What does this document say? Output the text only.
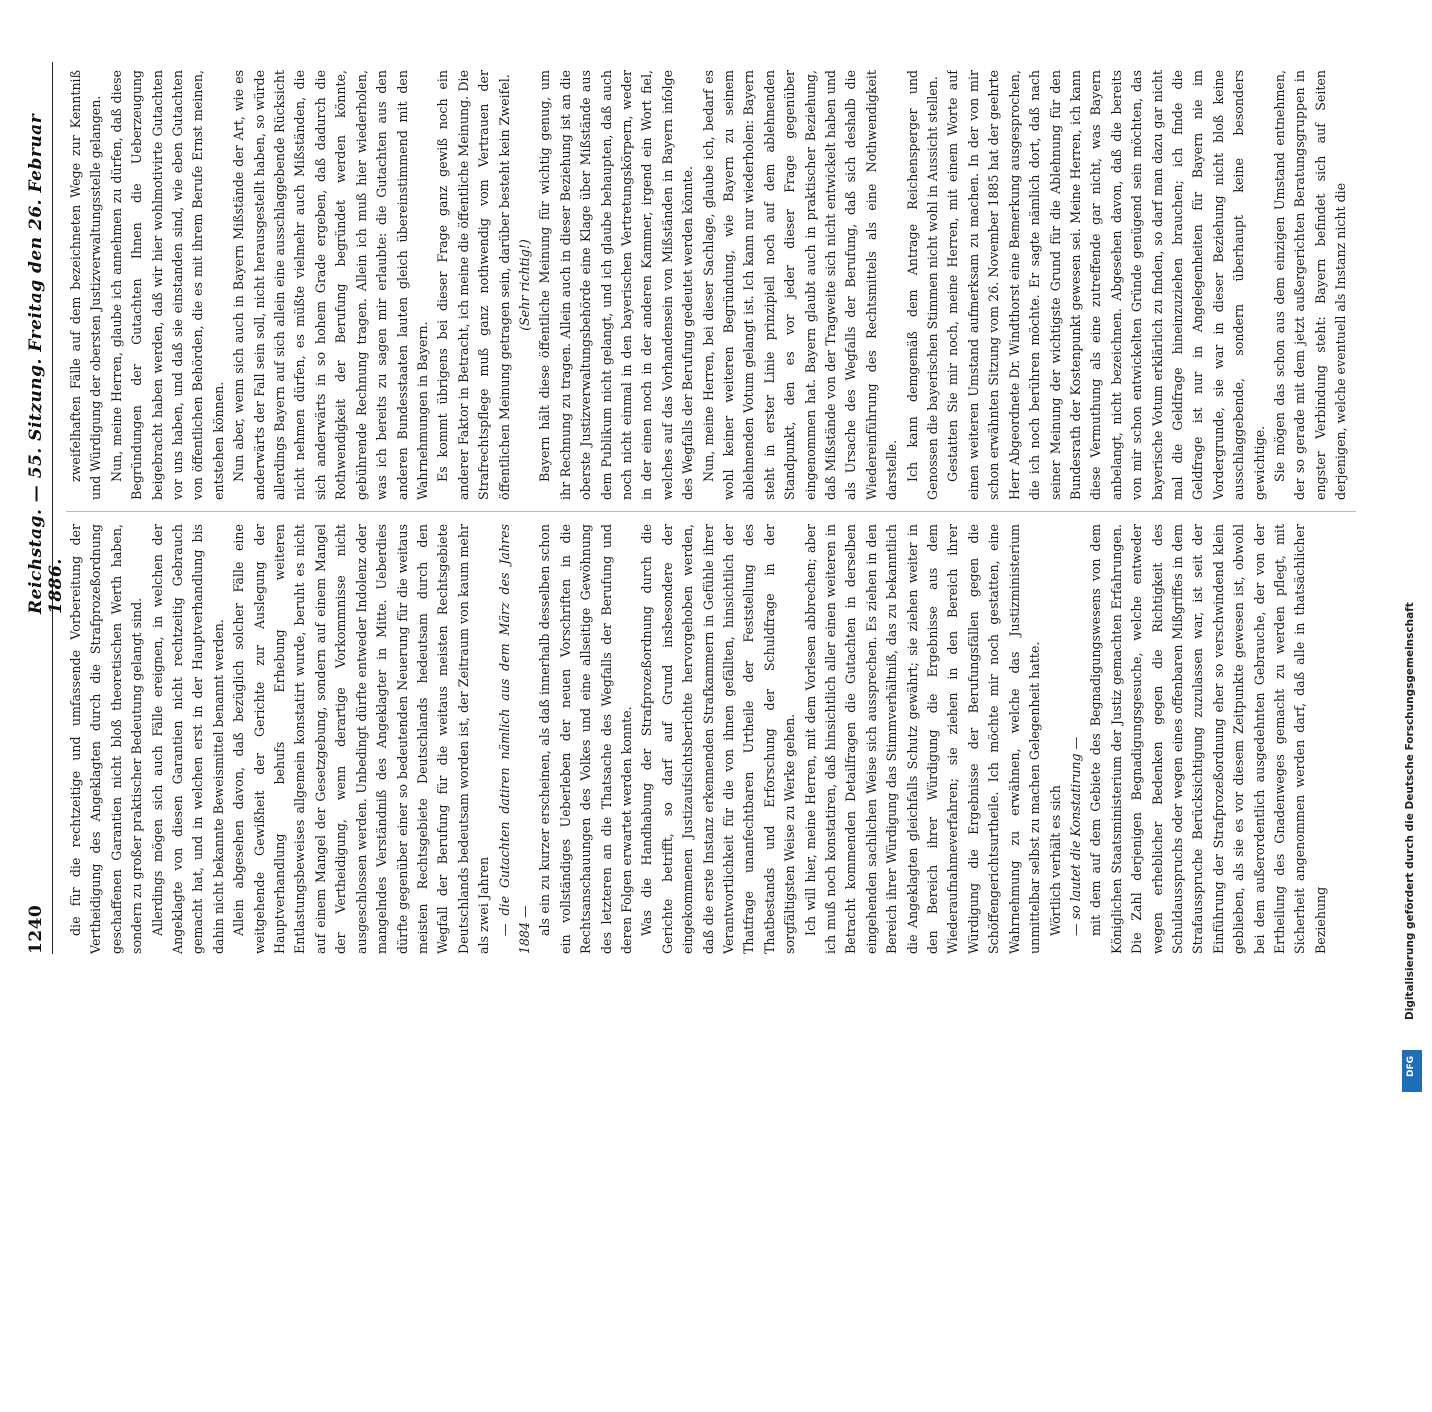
1240
Reichstag. — 55. Sitzung. Freitag den 26. Februar 1886. die für die rechtzeitige und umfassende Vorbereitung der Vertheidigung des Angeklagten durch die Strafprozeßordnung geschaffenen Garantien nicht bloß theoretischen Werth haben, sondern zu großer praktischer Bedeutung gelangt sind. Allerdings mögen sich auch Fälle ereignen, in welchen der Angeklagte von diesen Garantien nicht rechtzeitig Gebrauch gemacht hat, und in welchen erst in der Hauptverhandlung bis dahin nicht bekannte Beweismittel benannt werden. Allein abgesehen davon, daß bezüglich solcher Fälle eine weitgehende Gewißheit der Gerichte zur Auslegung der Hauptverhandlung behufs Erhebung weiteren Entlastungsbeweises allgemein konstatirt wurde, beruht es nicht auf einem Mangel der Gesetzgebung, sondern auf einem Mangel der Vertheidigung, wenn derartige Vorkommnisse nicht ausgeschlossen werden. Unbedingt dürfte entweder Indolenz oder mangelndes Verständniß des Angeklagter in Mitte. Ueberdies dürfte gegenüber einer so bedeutenden Neuerung für die weitaus meisten Rechtsgebiete Deutschlands hedeutsam durch den Wegfall der Berufung für die weitaus meisten Rechtsgebiete Deutschlands bedeutsam worden ist, der Zeitraum von kaum mehr als zwei Jahren — die Gutachten datiren nämlich aus dem März des Jahres 1884 — als ein zu kurzer erscheinen, als daß innerhalb desselben schon ein vollständiges Ueberleben der neuen Vorschriften in die Rechtsanschauungen des Volkes und eine allseitige Gewöhnung des letzteren an die Thatsache des Wegfalls der Berufung und deren Folgen erwartet werden konnte. Was die Handhabung der Strafprozeßordnung durch die Gerichte betrifft, so darf auf Grund insbesondere der eingekommenen Justizaufsichtsberichte hervorgehoben werden, daß die erste Instanz erkennenden Strafkammern in Gefühle ihrer Verantwortlichkeit für die von ihnen gefällten, hinsichtlich der Thatfrage unanfechtbaren Urtheile der Feststellung des Thatbestands und Erforschung der Schuldfrage in der sorgfältigsten Weise zu Werke gehen. Ich will hier, meine Herren, mit dem Vorlesen abbrechen; aber ich muß noch konstatiren, daß hinsichtlich aller einen weiteren in Betracht kommenden Detailfragen die Gutachten in derselben eingehenden sachlichen Weise sich aussprechen. Es ziehen in den Bereich ihrer Würdigung das Stimmverhältniß, das zu bekanntlich die Angeklagten gleichfalls Schutz gewährt; sie ziehen weiter in den Bereich ihrer Würdigung die Ergebnisse aus dem Wiederaufnahmeverfahren; sie ziehen in den Bereich ihrer Würdigung die Ergebnisse der Berufungsfällen gegen die Schöffengerichtsurtheile. Ich möchte mir noch gestatten, eine Wahrnehmung zu erwähnen, welche das Justizministerium unmittelbar selbst zu machen Gelegenheit hatte. Wörtlich verhält es sich — so lautet die Konstatirung — mit dem auf dem Gebiete des Begnadigungswesens von dem Königlichen Staatsministerium der Justiz gemachten Erfahrungen. Die Zahl derjenigen Begnadigungsgesuche, welche entweder wegen erheblicher Bedenken gegen die Richtigkeit des Schuldausspruchs oder wegen eines offenbaren Mißgriffes in dem Strafausspruche Berücksichtigung zuzulassen war, ist seit der Einführung der Strafprozeßordnung eher so verschwindend klein geblieben, als sie es vor diesem Zeitpunkte gewesen ist, obwohl bei dem außerordentlich ausgedehnten Gebrauche, der von der Ertheilung des Gnadenweges gemacht zu werden pflegt, mit Sicherheit angenommen werden darf, daß alle in thatsächlicher Beziehung

zweifelhaften Fälle auf dem bezeichneten Wege zur Kenntniß und Würdigung der obersten Justizverwaltungsstelle gelangen. Nun, meine Herren, glaube ich annehmen zu dürfen, daß diese Begründungen der Gutachten Ihnen die Ueberzeugung beigebracht haben werden, daß wir hier wohlmotivirte Gutachten vor uns haben, und daß sie einstanden sind, wie eben Gutachten von öffentlichen Behörden, die es mit ihrem Berufe Ernst meinen, entstehen können. Nun aber, wenn sich auch in Bayern Mißstände der Art, wie es anderwärts der Fall sein soll, nicht herausgestellt haben, so würde allerdings Bayern auf sich allein eine ausschlaggebende Rücksicht nicht nehmen dürfen, es müßte vielmehr auch Mißständen, die sich anderwärts in so hohem Grade ergeben, daß dadurch die Rothwendigkeit der Berufung begründet werden könnte, gebührende Rechnung tragen. Allein ich muß hier wiederholen, was ich bereits zu sagen mir erlaubte: die Gutachten aus den anderen Bundesstaaten lauten gleich übereinstimmend mit den Wahrnehmungen in Bayern. Es kommt übrigens bei dieser Frage ganz gewiß noch ein anderer Faktor in Betracht, ich meine die öffentliche Meinung. Die Strafrechtspflege muß ganz nothwendig vom Vertrauen der öffentlichen Meinung getragen sein, darüber besteht kein Zweifel. (Sehr richtig!) Bayern hält diese öffentliche Meinung für wichtig genug, um ihr Rechnung zu tragen. Allein auch in dieser Beziehung ist an die oberste Justizverwaltungsbehörde eine Klage über Mißstände aus dem Publikum nicht gelangt, und ich glaube behaupten, daß auch noch nicht einmal in den bayerischen Vertretungskörpern, weder in der einen noch in der anderen Kammer, irgend ein Wort fiel, welches auf das Vorhandensein von Mißständen in Bayern infolge des Wegfalls der Berufung gedeutet werden könnte. Nun, meine Herren, bei dieser Sachlage, glaube ich, bedarf es wohl keiner weiteren Begründung, wie Bayern zu seinem ablehnenden Votum gelangt ist. Ich kann nur wiederholen: Bayern steht in erster Linie prinzipiell noch auf dem ablehnenden Standpunkt, den es vor jeder dieser Frage gegenüber eingenommen hat. Bayern glaubt auch in praktischer Beziehung, daß Mißstände von der Tragweite sich nicht entwickelt haben und als Ursache des Wegfalls der Berufung, daß sich deshalb die Wiedereinführung des Rechtsmittels als eine Nothwendigkeit darstelle. Ich kann demgemäß dem Antrage Reichensperger und Genossen die bayerischen Stimmen nicht wohl in Aussicht stellen. Gestatten Sie mir noch, meine Herren, mit einem Worte auf einen weiteren Umstand aufmerksam zu machen. In der von mir schon erwähnten Sitzung vom 26. November 1885 hat der geehrte Herr Abgeordnete Dr. Windthorst eine Bemerkung ausgesprochen, die ich noch berühren möchte. Er sagte nämlich dort, daß nach seiner Meinung der wichtigste Grund für die Ablehnung für den Bundesrath der Kostenpunkt gewesen sei. Meine Herren, ich kann diese Vermuthung als eine zutreffende gar nicht, was Bayern anbelangt, nicht bezeichnen. Abgesehen davon, daß die bereits von mir schon entwickelten Gründe genügend sein möchten, das bayerische Votum erklärlich zu finden, so darf man dazu gar nicht mal die Geldfrage hineinzuziehen brauchen; ich finde die Geldfrage ist nur in Angelegenheiten für Bayern nie im Vordergrunde, sie war in dieser Beziehung nicht bloß keine ausschlaggebende, sondern überhaupt keine besonders gewichtige. Sie mögen das schon aus dem einzigen Umstand entnehmen, der so gerade mit dem jetzt außergerichten Beratungsgruppen in engster Verbindung steht: Bayern befindet sich auf Seiten derjenigen, welche eventuell als Instanz nicht die

Digitalisierung gefördert durch die Deutsche Forschungsgemeinschaft
DFG
